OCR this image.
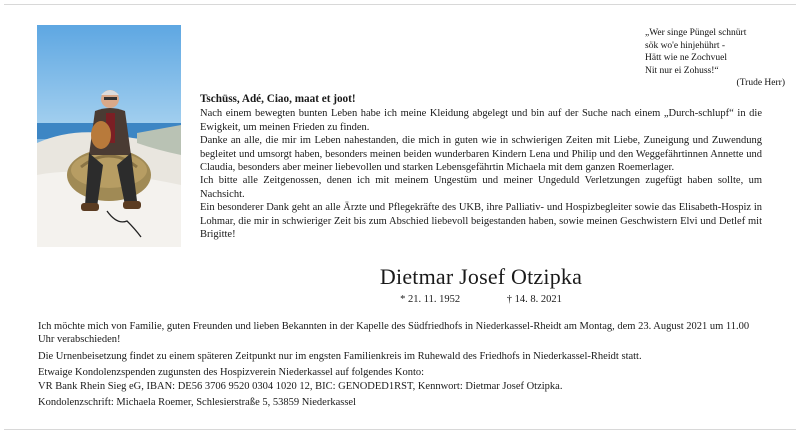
„Wer singe Püngel schnürt
sök wo'e hinjehührt -
Hätt wie ne Zochvuel
Nit nur ei Zohuss!“
(Trude Herr)
Tschüss, Adé, Ciao, maat et joot!

Nach einem bewegten bunten Leben habe ich meine Kleidung abgelegt und bin auf der Suche nach einem „Durch-schlupf“ in die Ewigkeit, um meinen Frieden zu finden.

Danke an alle, die mir im Leben nahestanden, die mich in guten wie in schwierigen Zeiten mit Liebe, Zuneigung und Zuwendung begleitet und umsorgt haben, besonders meinen beiden wunderbaren Kindern Lena und Philip und den Weggefährtinnen Annette und Claudia, besonders aber meiner liebevollen und starken Lebensgefährtin Michaela mit dem ganzen Roemerlager.

Ich bitte alle Zeitgenossen, denen ich mit meinem Ungestüm und meiner Ungeduld Verletzungen zugefügt haben sollte, um Nachsicht.

Ein besonderer Dank geht an alle Ärzte und Pflegekräfte des UKB, ihre Palliativ- und Hospizbegleiter sowie das Elisabeth-Hospiz in Lohmar, die mir in schwieriger Zeit bis zum Abschied liebevoll beigestanden haben, sowie meinen Geschwistern Elvi und Detlef mit Brigitte!

Dietmar Josef Otzipka
* 21. 11. 1952	† 14. 8. 2021

Ich möchte mich von Familie, guten Freunden und lieben Bekannten in der Kapelle des Südfriedhofs in Niederkassel-Rheidt am Montag, dem 23. August 2021 um 11.00 Uhr verabschieden!

Die Urnenbeisetzung findet zu einem späteren Zeitpunkt nur im engsten Familienkreis im Ruhewald des Friedhofs in Niederkassel-Rheidt statt.

Etwaige Kondolenzspenden zugunsten des Hospizverein Niederkassel auf folgendes Konto:

VR Bank Rhein Sieg eG, IBAN: DE56 3706 9520 0304 1020 12, BIC: GENODED1RST, Kennwort: Dietmar Josef Otzipka.

Kondolenzschrift: Michaela Roemer, Schlesierstraße 5, 53859 Niederkassel
